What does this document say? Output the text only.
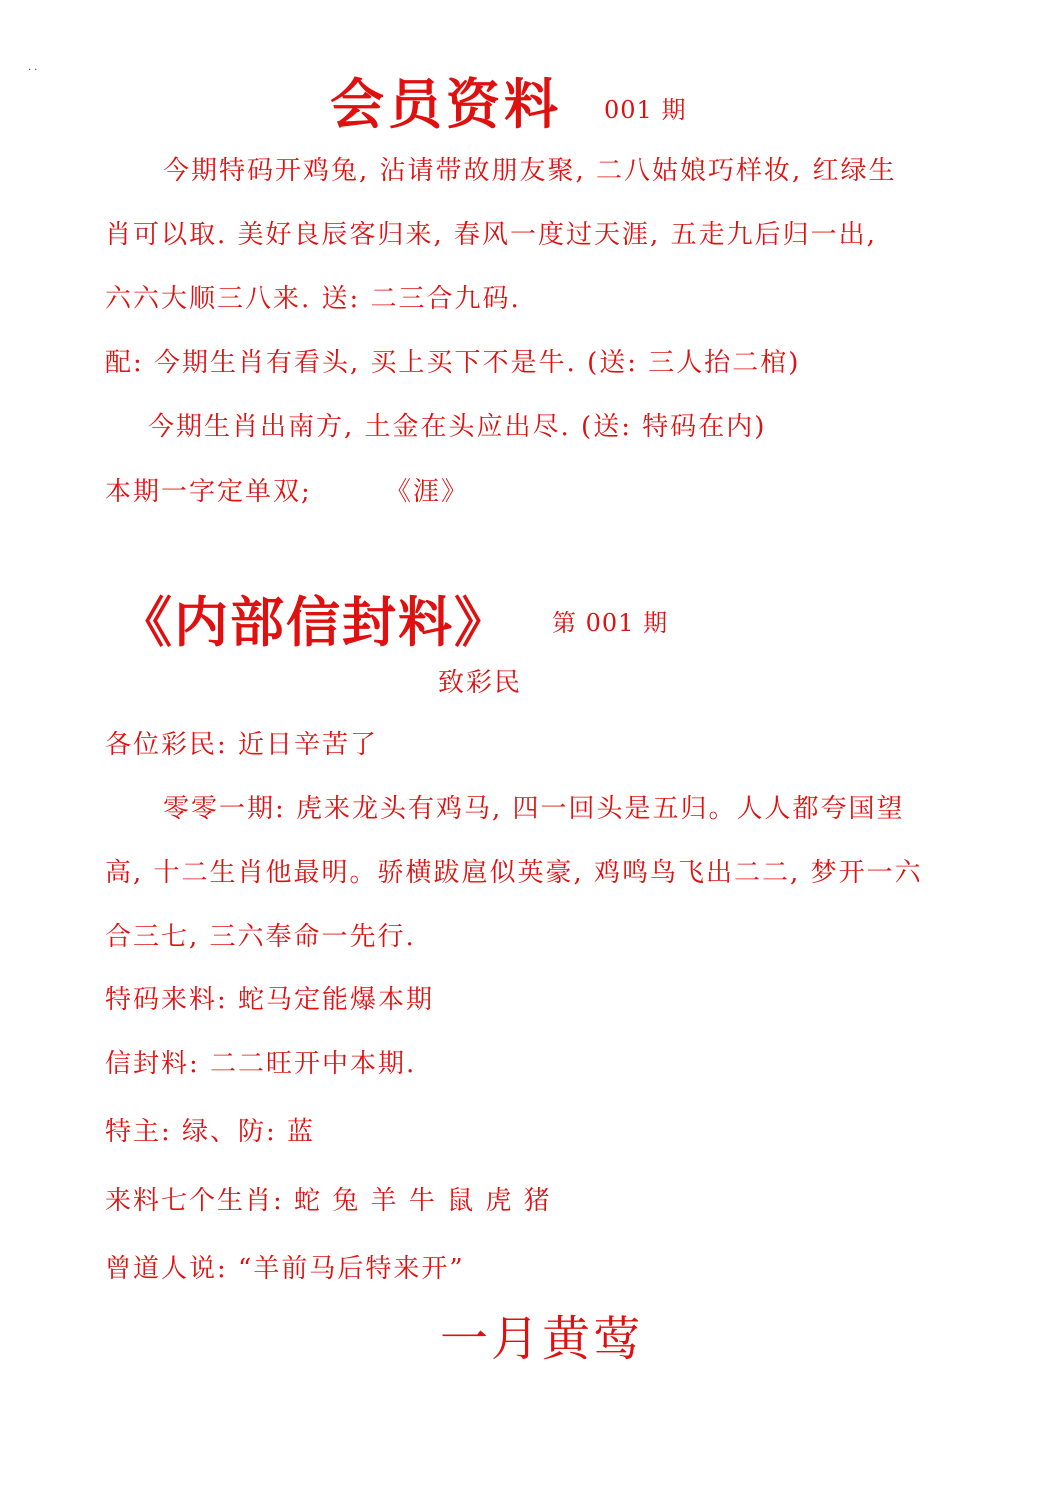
..
会员资料 001 期
今期特码开鸡兔, 沾请带故朋友聚, 二八姑娘巧样妆, 红绿生
肖可以取. 美好良辰客归来, 春风一度过天涯, 五走九后归一出,
六六大顺三八来. 送: 二三合九码.
配: 今期生肖有看头, 买上买下不是牛. (送: 三人抬二棺)
今期生肖出南方, 土金在头应出尽. (送: 特码在内)
本期一字定单双;	《涯》
《内部信封料》 第 001 期
致彩民
各位彩民: 近日辛苦了
零零一期: 虎来龙头有鸡马, 四一回头是五归。人人都夸国望
高, 十二生肖他最明。骄横跋扈似英豪, 鸡鸣鸟飞出二二, 梦开一六
合三七, 三六奉命一先行.
特码来料: 蛇马定能爆本期
信封料: 二二旺开中本期.
特主: 绿、防: 蓝
来料七个生肖: 蛇 兔 羊 牛 鼠 虎 猪
曾道人说: “羊前马后特来开”
一月黄莺
